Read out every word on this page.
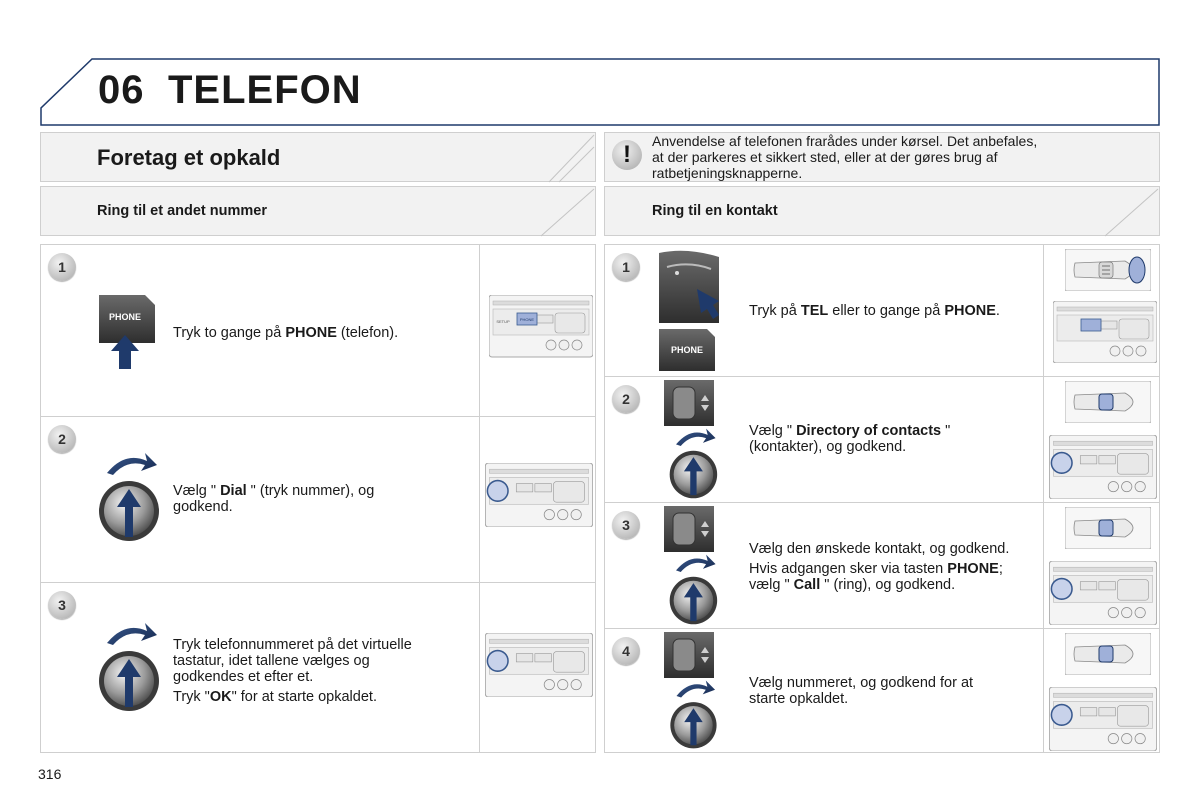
06 TELEFON
Foretag et opkald	!	Anvendelse af telefonen frarådes under kørsel. Det anbefales,
at der parkeres et sikkert sted, eller at der gøres brug af
ratbetjeningsknapperne.
Ring til et andet nummer	Ring til en kontakt
1
PHONE
Tryk to gange på PHONE (telefon).
PHONE
SETUP
2
Vælg " Dial " (tryk nummer), og
godkend.
3
Tryk telefonnummeret på det virtuelle
tastatur, idet tallene vælges og
godkendes et efter et.
Tryk "OK" for at starte opkaldet.
1
PHONE
Tryk på TEL eller to gange på PHONE.
2
Vælg " Directory of contacts "
(kontakter), og godkend.
3
Vælg den ønskede kontakt, og godkend.
Hvis adgangen sker via tasten PHONE;
vælg " Call " (ring), og godkend.
4
Vælg nummeret, og godkend for at
starte opkaldet.
316
